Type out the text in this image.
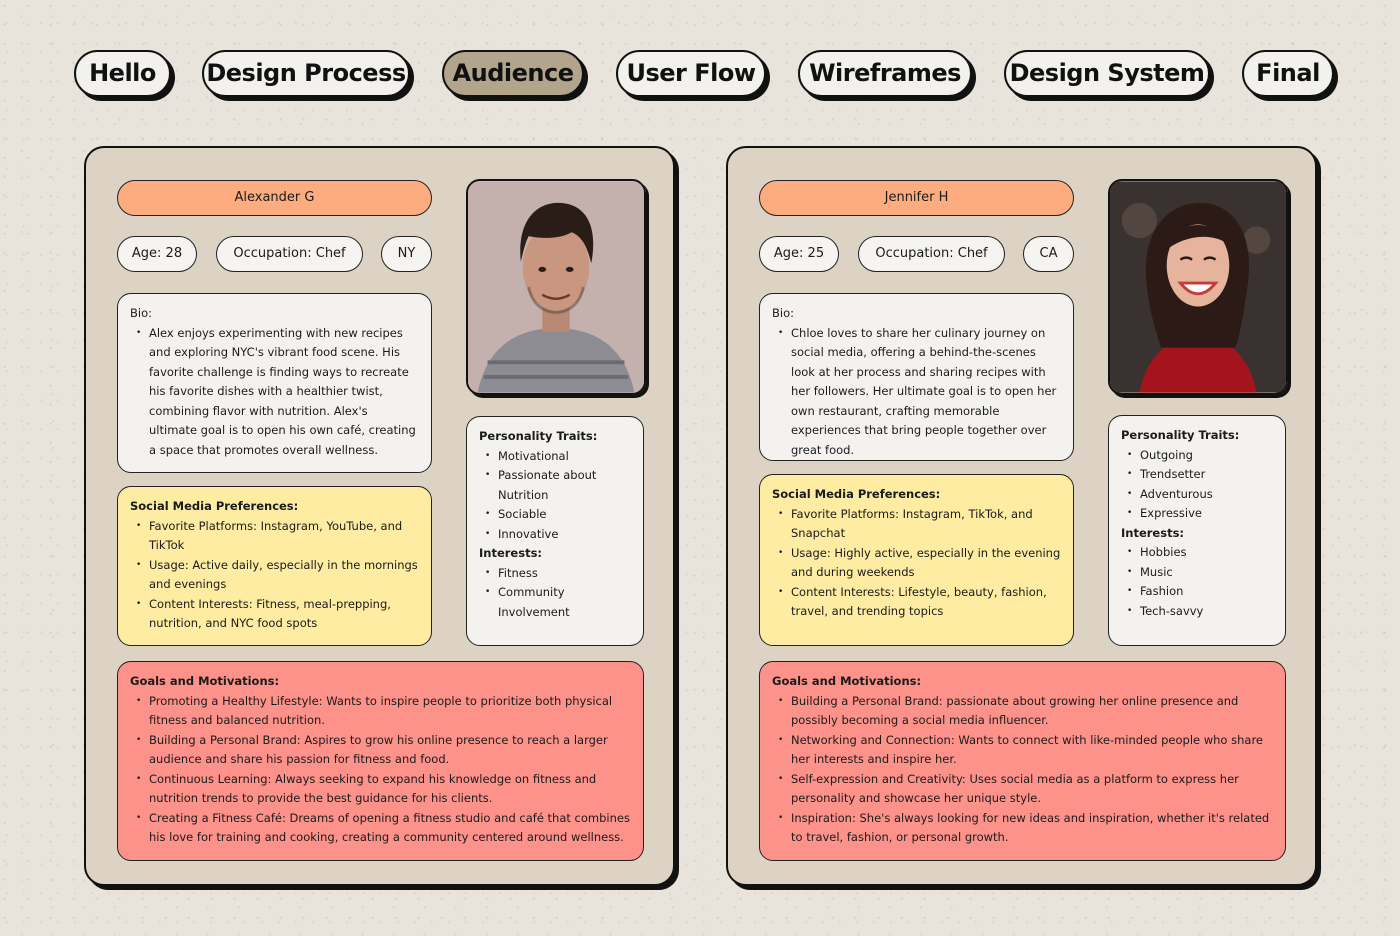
Hello	Design Process	Audience	User Flow	Wireframes	Design System	Final
Alexander G
Age: 28	Occupation: Chef	NY
Bio:
• Alex enjoys experimenting with new recipes and exploring NYC's vibrant food scene. His favorite challenge is finding ways to recreate his favorite dishes with a healthier twist, combining flavor with nutrition. Alex's ultimate goal is to open his own café, creating a space that promotes overall wellness.
Social Media Preferences:
• Favorite Platforms: Instagram, YouTube, and TikTok
• Usage: Active daily, especially in the mornings and evenings
• Content Interests: Fitness, meal-prepping, nutrition, and NYC food spots
Personality Traits:
• Motivational
• Passionate about Nutrition
• Sociable
• Innovative
Interests:
• Fitness
• Community Involvement
Goals and Motivations:
• Promoting a Healthy Lifestyle: Wants to inspire people to prioritize both physical fitness and balanced nutrition.
• Building a Personal Brand: Aspires to grow his online presence to reach a larger audience and share his passion for fitness and food.
• Continuous Learning: Always seeking to expand his knowledge on fitness and nutrition trends to provide the best guidance for his clients.
• Creating a Fitness Café: Dreams of opening a fitness studio and café that combines his love for training and cooking, creating a community centered around wellness.
Jennifer H
Age: 25	Occupation: Chef	CA
Bio:
• Chloe loves to share her culinary journey on social media, offering a behind-the-scenes look at her process and sharing recipes with her followers. Her ultimate goal is to open her own restaurant, crafting memorable experiences that bring people together over great food.
Social Media Preferences:
• Favorite Platforms: Instagram, TikTok, and Snapchat
• Usage: Highly active, especially in the evening and during weekends
• Content Interests: Lifestyle, beauty, fashion, travel, and trending topics
Personality Traits:
• Outgoing
• Trendsetter
• Adventurous
• Expressive
Interests:
• Hobbies
• Music
• Fashion
• Tech-savvy
Goals and Motivations:
• Building a Personal Brand: passionate about growing her online presence and possibly becoming a social media influencer.
• Networking and Connection: Wants to connect with like-minded people who share her interests and inspire her.
• Self-expression and Creativity: Uses social media as a platform to express her personality and showcase her unique style.
• Inspiration: She's always looking for new ideas and inspiration, whether it's related to travel, fashion, or personal growth.
